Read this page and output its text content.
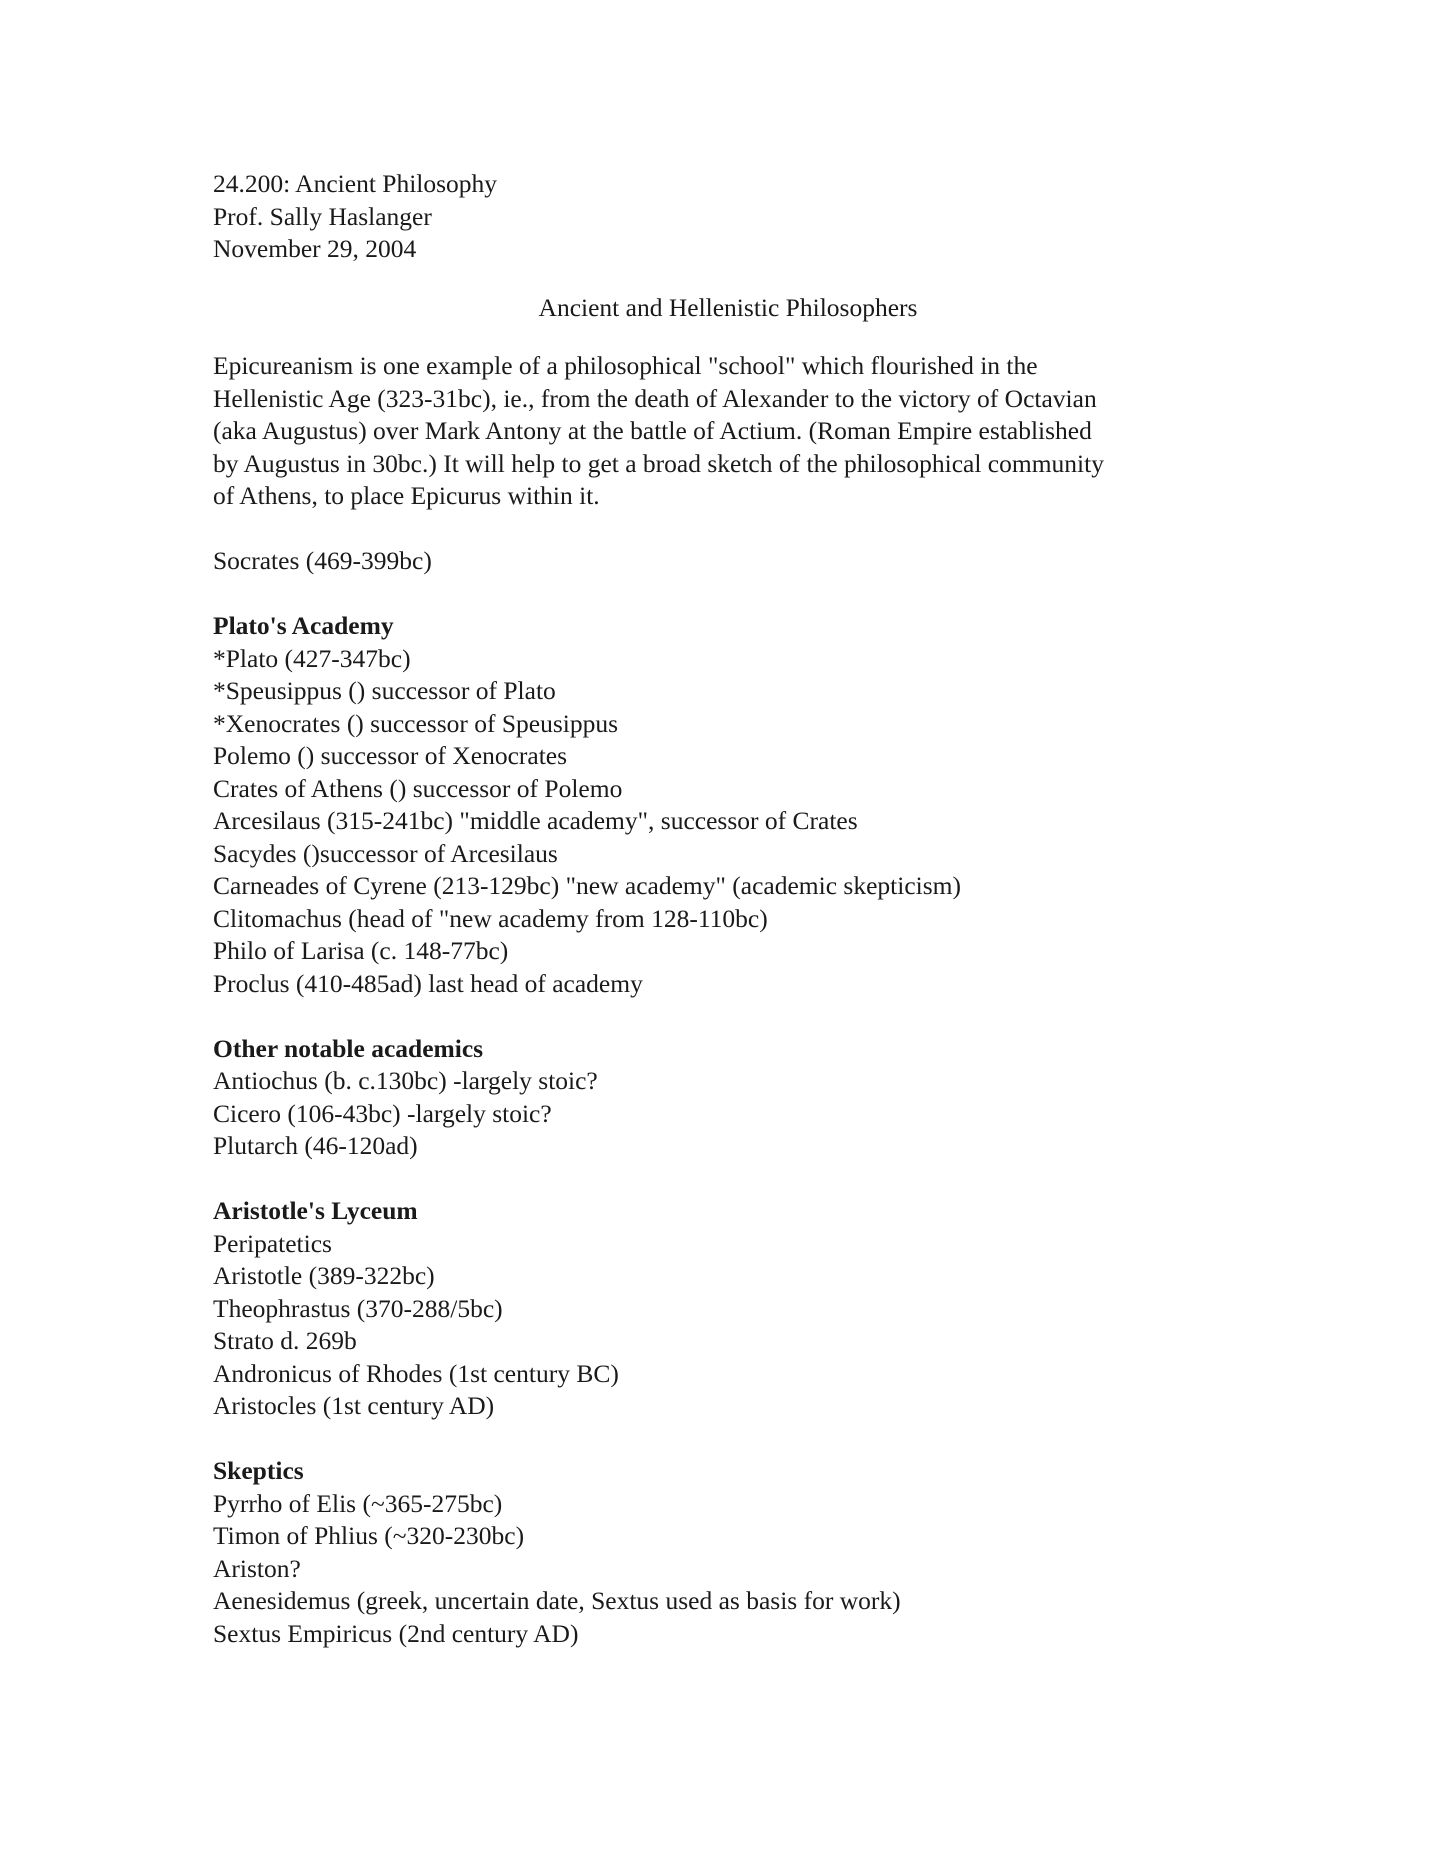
24.200: Ancient Philosophy
Prof. Sally Haslanger
November 29, 2004
Ancient and Hellenistic Philosophers
Epicureanism is one example of a philosophical "school" which flourished in the
Hellenistic Age (323-31bc), ie., from the death of Alexander to the victory of Octavian
(aka Augustus) over Mark Antony at the battle of Actium. (Roman Empire established
by Augustus in 30bc.) It will help to get a broad sketch of the philosophical community
of Athens, to place Epicurus within it.
Socrates (469-399bc)
Plato's Academy
*Plato (427-347bc)
*Speusippus () successor of Plato
*Xenocrates () successor of Speusippus
Polemo () successor of Xenocrates
Crates of Athens () successor of Polemo
Arcesilaus (315-241bc) "middle academy", successor of Crates
Sacydes ()successor of Arcesilaus
Carneades of Cyrene (213-129bc) "new academy" (academic skepticism)
Clitomachus (head of "new academy from 128-110bc)
Philo of Larisa (c. 148-77bc)
Proclus (410-485ad) last head of academy
Other notable academics
Antiochus (b. c.130bc) -largely stoic?
Cicero (106-43bc) -largely stoic?
Plutarch (46-120ad)
Aristotle's Lyceum
Peripatetics
Aristotle (389-322bc)
Theophrastus (370-288/5bc)
Strato d. 269b
Andronicus of Rhodes (1st century BC)
Aristocles (1st century AD)
Skeptics
Pyrrho of Elis (~365-275bc)
Timon of Phlius (~320-230bc)
Ariston?
Aenesidemus (greek, uncertain date, Sextus used as basis for work)
Sextus Empiricus (2nd century AD)
